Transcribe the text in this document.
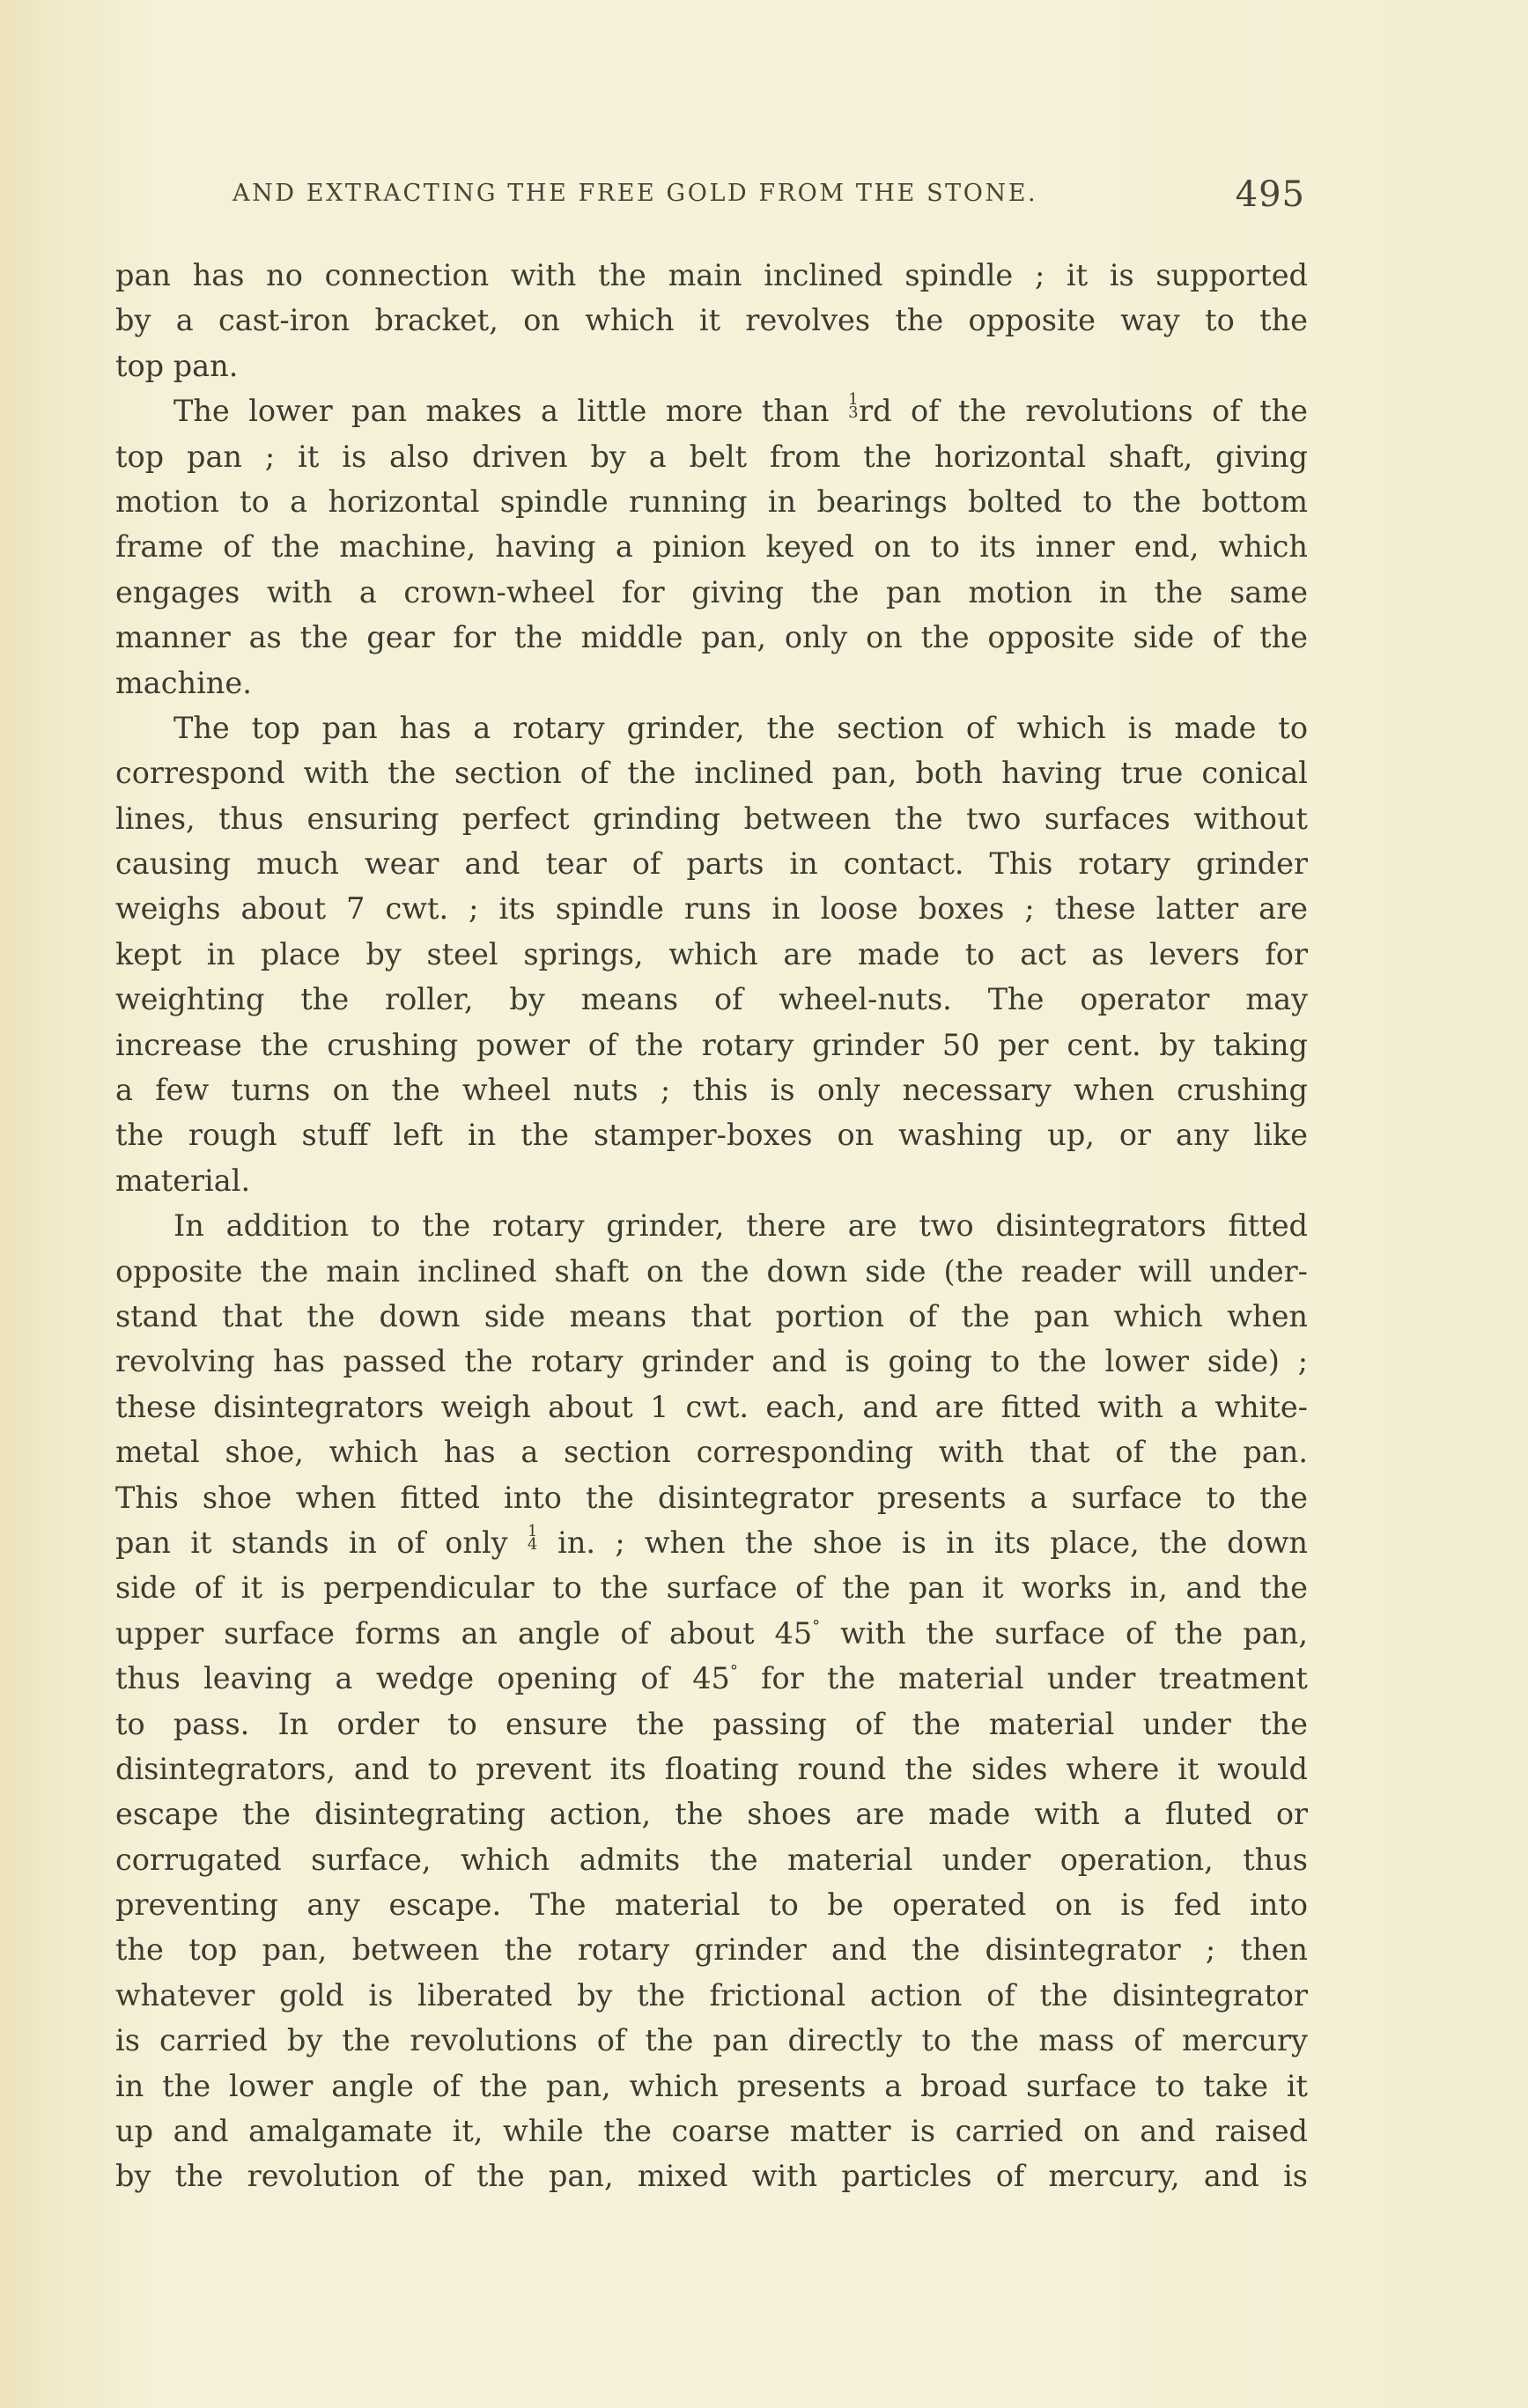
AND EXTRACTING THE FREE GOLD FROM THE STONE.	495
pan has no connection with the main inclined spindle ; it is supported
by a cast-iron bracket, on which it revolves the opposite way to the
top pan.
The lower pan makes a little more than 1
3 rd of the revolutions of the
top pan ; it is also driven by a belt from the horizontal shaft, giving
motion to a horizontal spindle running in bearings bolted to the bottom
frame of the machine, having a pinion keyed on to its inner end, which
engages with a crown-wheel for giving the pan motion in the same
manner as the gear for the middle pan, only on the opposite side of the
machine.
The top pan has a rotary grinder, the section of which is made to
correspond with the section of the inclined pan, both having true conical
lines, thus ensuring perfect grinding between the two surfaces without
causing much wear and tear of parts in contact. This rotary grinder
weighs about 7 cwt. ; its spindle runs in loose boxes ; these latter are
kept in place by steel springs, which are made to act as levers for
weighting the roller, by means of wheel-nuts. The operator may
increase the crushing power of the rotary grinder 50 per cent. by taking
a few turns on the wheel nuts ; this is only necessary when crushing
the rough stuff left in the stamper-boxes on washing up, or any like
material.
In addition to the rotary grinder, there are two disintegrators fitted
opposite the main inclined shaft on the down side (the reader will under-
stand that the down side means that portion of the pan which when
revolving has passed the rotary grinder and is going to the lower side) ;
these disintegrators weigh about 1 cwt. each, and are fitted with a white-
metal shoe, which has a section corresponding with that of the pan.
This shoe when fitted into the disintegrator presents a surface to the
pan it stands in of only 1
4 in. ; when the shoe is in its place, the down
side of it is perpendicular to the surface of the pan it works in, and the
upper surface forms an angle of about 45° with the surface of the pan,
thus leaving a wedge opening of 45° for the material under treatment
to pass. In order to ensure the passing of the material under the
disintegrators, and to prevent its floating round the sides where it would
escape the disintegrating action, the shoes are made with a fluted or
corrugated surface, which admits the material under operation, thus
preventing any escape. The material to be operated on is fed into
the top pan, between the rotary grinder and the disintegrator ; then
whatever gold is liberated by the frictional action of the disintegrator
is carried by the revolutions of the pan directly to the mass of mercury
in the lower angle of the pan, which presents a broad surface to take it
up and amalgamate it, while the coarse matter is carried on and raised
by the revolution of the pan, mixed with particles of mercury, and is
